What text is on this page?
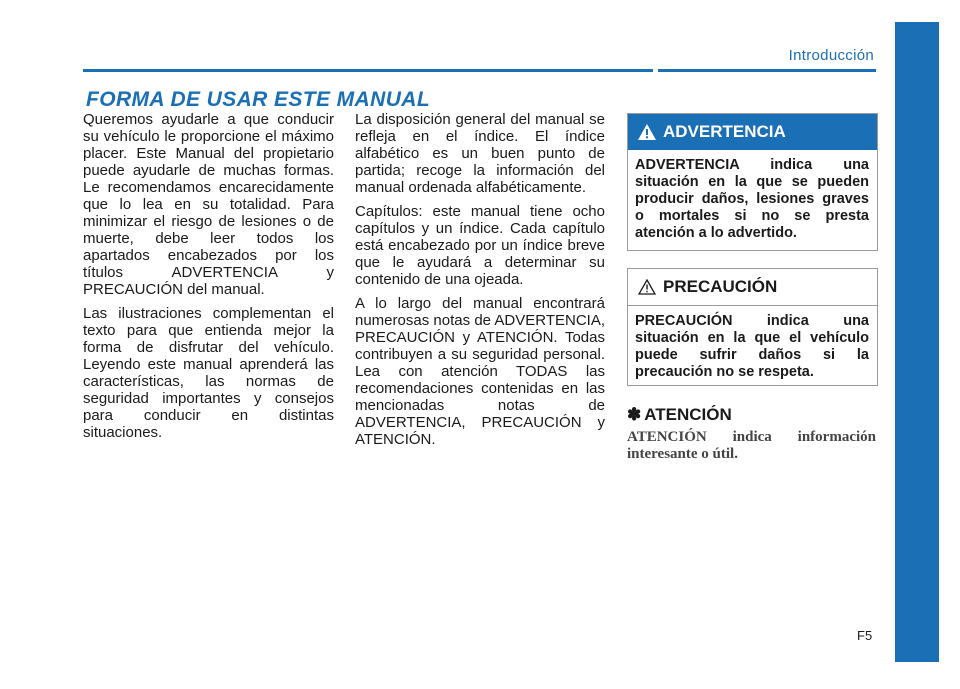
Introducción
FORMA DE USAR ESTE MANUAL

Queremos ayudarle a que conducir su vehículo le proporcione el máximo placer. Este Manual del propietario puede ayudarle de muchas formas. Le recomendamos encarecidamente que lo lea en su totalidad. Para minimizar el riesgo de lesiones o de muerte, debe leer todos los apartados encabezados por los títulos ADVERTENCIA y PRECAUCIÓN del manual.

Las ilustraciones complementan el texto para que entienda mejor la forma de disfrutar del vehículo. Leyendo este manual aprenderá las características, las normas de seguridad importantes y consejos para conducir en distintas situaciones.

La disposición general del manual se refleja en el índice. El índice alfabético es un buen punto de partida; recoge la información del manual ordenada alfabéticamente.

Capítulos: este manual tiene ocho capítulos y un índice. Cada capítulo está encabezado por un índice breve que le ayudará a determinar su contenido de una ojeada.

A lo largo del manual encontrará numerosas notas de ADVERTENCIA, PRECAUCIÓN y ATENCIÓN. Todas contribuyen a su seguridad personal. Lea con atención TODAS las recomendaciones contenidas en las mencionadas notas de ADVERTENCIA, PRECAUCIÓN y ATENCIÓN.

ADVERTENCIA
ADVERTENCIA indica una situación en la que se pueden producir daños, lesiones graves o mortales si no se presta atención a lo advertido.
PRECAUCIÓN
PRECAUCIÓN indica una situación en la que el vehículo puede sufrir daños si la precaución no se respeta.
✽ ATENCIÓN

ATENCIÓN indica información interesante o útil.

F5
